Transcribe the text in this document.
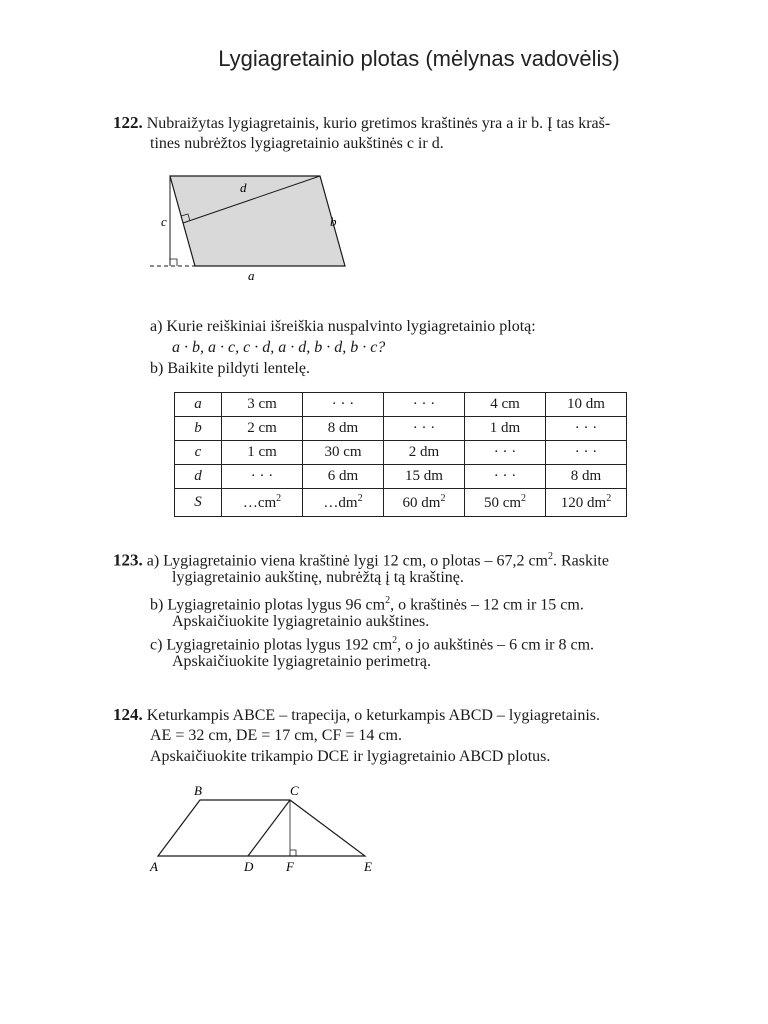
Lygiagretainio plotas (mėlynas vadovėlis)
122. Nubraižytas lygiagretainis, kurio gretimos kraštinės yra a ir b. Į tas kraš-
tines nubrėžtos lygiagretainio aukštinės c ir d.
d
c	b
a
a) Kurie reiškiniai išreiškia nuspalvinto lygiagretainio plotą:
a · b, a · c, c · d, a · d, b · d, b · c?
b) Baikite pildyti lentelę.
a	3 cm	· · ·	· · ·	4 cm	10 dm
b	2 cm	8 dm	· · ·	1 dm	· · ·
c	1 cm	30 cm	2 dm	· · ·	· · ·
d	· · ·	6 dm	15 dm	· · ·	8 dm
S	$\dots cm^2$	$\dots dm^2$	60 $dm^2$	50 $cm^2$	120 $dm^2$
123. a) Lygiagretainio viena kraštinė lygi 12 cm, o plotas – 67,2 $cm^2$. Raskite
lygiagretainio aukštinę, nubrėžtą į tą kraštinę.
b) Lygiagretainio plotas lygus 96 $cm^2$, o kraštinės – 12 cm ir 15 cm.
Apskaičiuokite lygiagretainio aukštines.
c) Lygiagretainio plotas lygus 192 $cm^2$, o jo aukštinės – 6 cm ir 8 cm.
Apskaičiuokite lygiagretainio perimetrą.
124. Keturkampis ABCE – trapecija, o keturkampis ABCD – lygiagretainis.
AE = 32 cm, DE = 17 cm, CF = 14 cm.
Apskaičiuokite trikampio DCE ir lygiagretainio ABCD plotus.
B	C
A	D	F	E
